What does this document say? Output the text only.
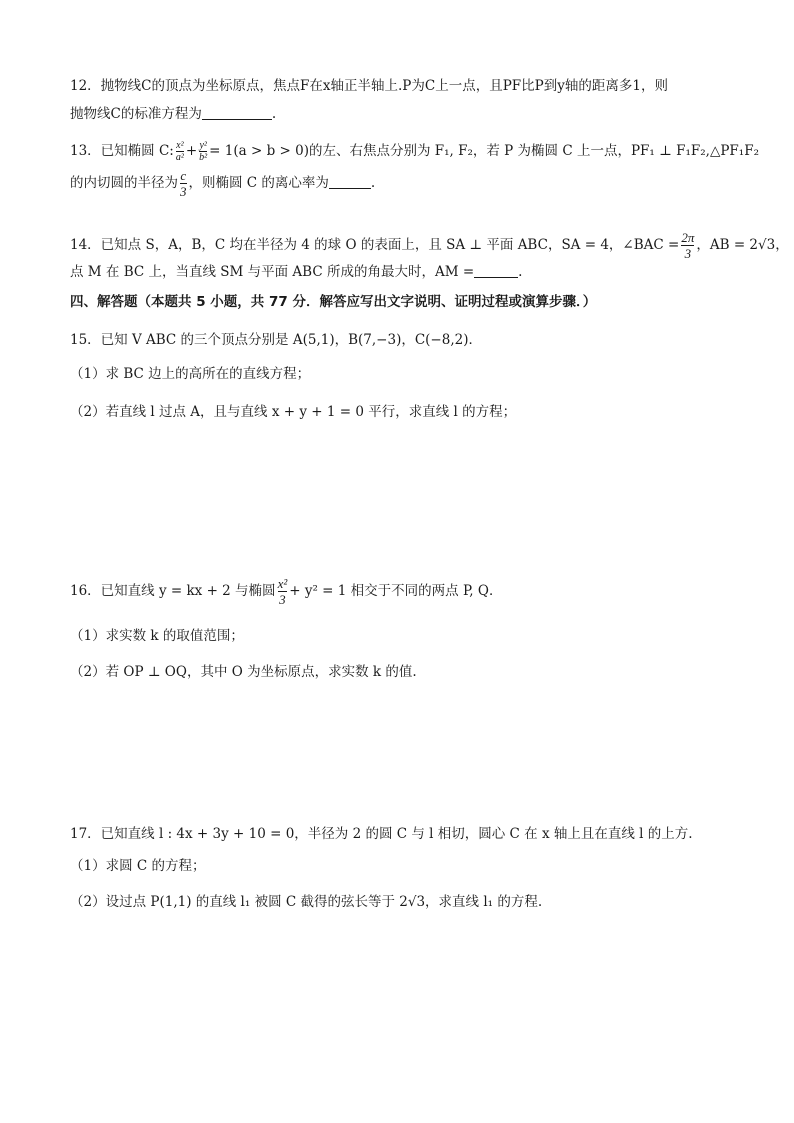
12．抛物线C的顶点为坐标原点，焦点F在x轴正半轴上.P为C上一点，且PF比P到y轴的距离多1，则
抛物线C的标准方程为	.
13．已知椭圆 C: $\frac{\text{x²}}{\text{a²}} + \frac{\text{y²}}{\text{b²}} = 1(a > b > 0)$的左、右焦点分别为 F₁, F₂，若 P 为椭圆 C 上一点，PF₁ ⊥ F₁F₂,△PF₁F₂
的内切圆的半径为 $\frac{c}{3}$ ，则椭圆 C 的离心率为	.
14．已知点 S，A，B，C 均在半径为 4 的球 O 的表面上，且 SA ⊥ 平面 ABC，SA = 4，∠BAC = $\frac{2\pi}{3}$ ，AB = 2√3，
点 M 在 BC 上，当直线 SM 与平面 ABC 所成的角最大时，AM =	.
四、解答题（本题共 5 小题，共 77 分．解答应写出文字说明、证明过程或演算步骤．）
15．已知 V ABC 的三个顶点分别是 A(5,1)，B(7,−3)，C(−8,2)．
（1）求 BC 边上的高所在的直线方程；
（2）若直线 l 过点 A，且与直线 x + y + 1 = 0 平行，求直线 l 的方程；
16．已知直线 y = kx + 2 与椭圆 $\frac{\text{x²}}{3} + y^2 = 1$ 相交于不同的两点 P, Q．
（1）求实数 k 的取值范围；
（2）若 OP ⊥ OQ，其中 O 为坐标原点，求实数 k 的值.
17．已知直线 l : 4x + 3y + 10 = 0，半径为 2 的圆 C 与 l 相切，圆心 C 在 x 轴上且在直线 l 的上方.
（1）求圆 C 的方程；
（2）设过点 P(1,1) 的直线 l₁ 被圆 C 截得的弦长等于 2√3，求直线 l₁ 的方程.
